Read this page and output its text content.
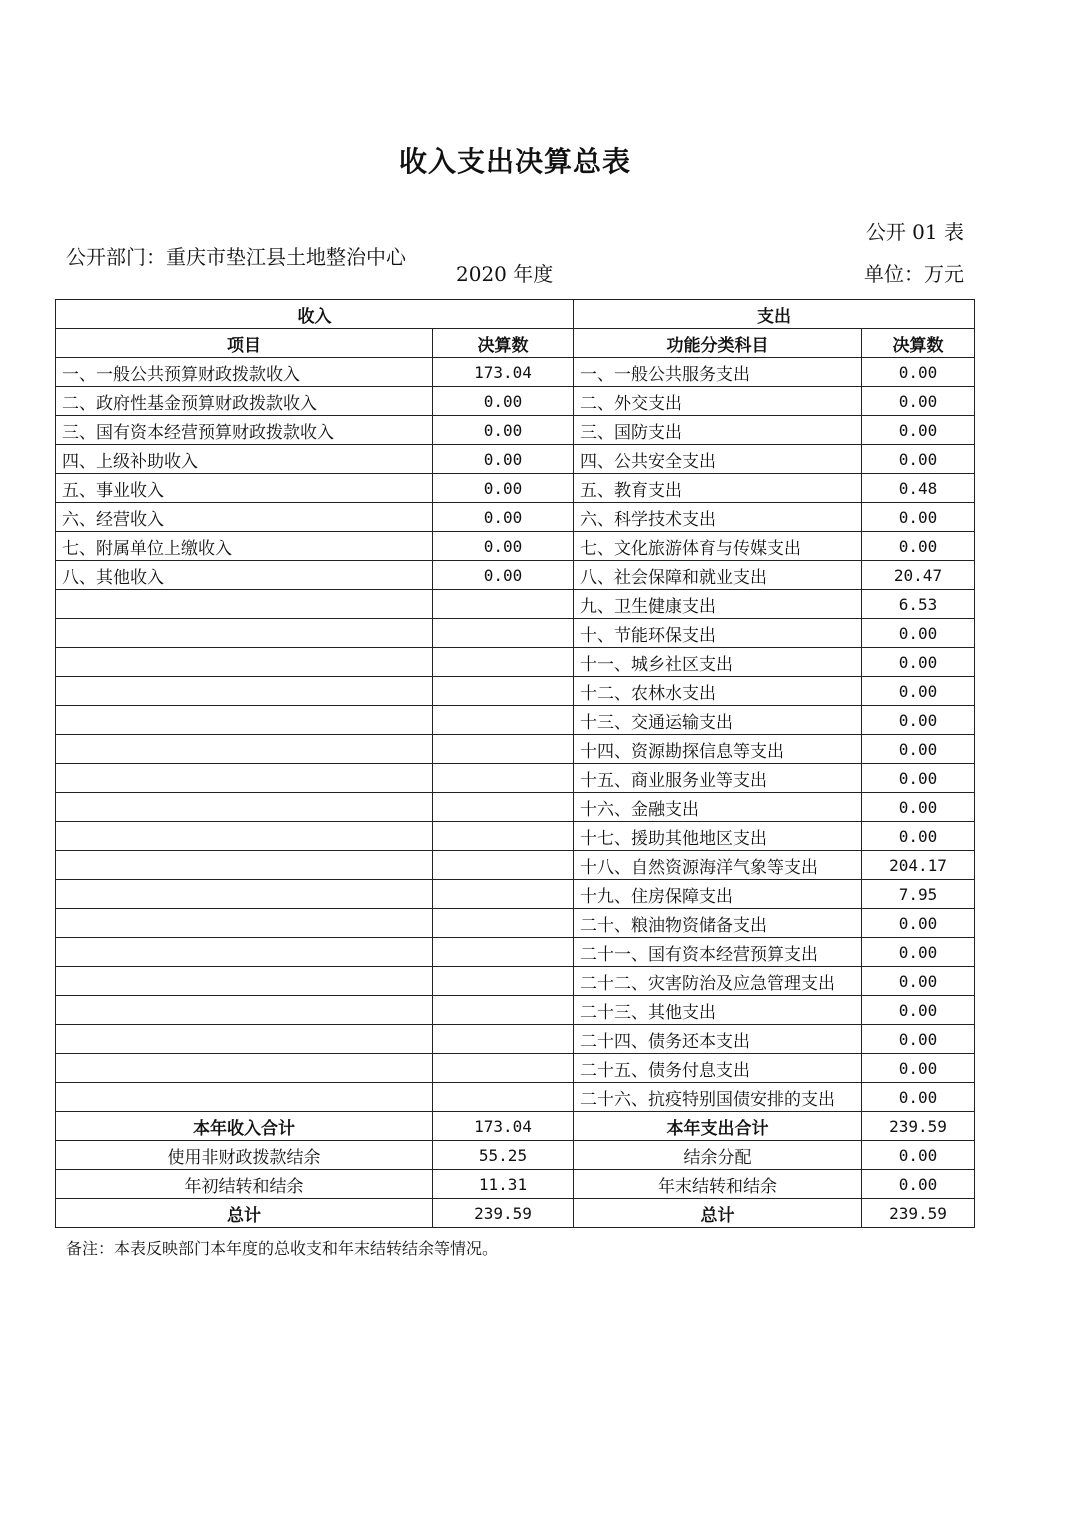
收入支出决算总表
公开 01 表
公开部门：重庆市垫江县土地整治中心
2020 年度	单位：万元
收入		支出	
项目	决算数	功能分类科目	决算数
一、一般公共预算财政拨款收入	173.04	一、一般公共服务支出	0.00
二、政府性基金预算财政拨款收入	0.00	二、外交支出	0.00
三、国有资本经营预算财政拨款收入	0.00	三、国防支出	0.00
四、上级补助收入	0.00	四、公共安全支出	0.00
五、事业收入	0.00	五、教育支出	0.48
六、经营收入	0.00	六、科学技术支出	0.00
七、附属单位上缴收入	0.00	七、文化旅游体育与传媒支出	0.00
八、其他收入	0.00	八、社会保障和就业支出	20.47
		九、卫生健康支出	6.53
		十、节能环保支出	0.00
		十一、城乡社区支出	0.00
		十二、农林水支出	0.00
		十三、交通运输支出	0.00
		十四、资源勘探信息等支出	0.00
		十五、商业服务业等支出	0.00
		十六、金融支出	0.00
		十七、援助其他地区支出	0.00
		十八、自然资源海洋气象等支出	204.17
		十九、住房保障支出	7.95
		二十、粮油物资储备支出	0.00
		二十一、国有资本经营预算支出	0.00
		二十二、灾害防治及应急管理支出	0.00
		二十三、其他支出	0.00
		二十四、债务还本支出	0.00
		二十五、债务付息支出	0.00
		二十六、抗疫特别国债安排的支出	0.00
本年收入合计	173.04	本年支出合计	239.59
使用非财政拨款结余	55.25	结余分配	0.00
年初结转和结余	11.31	年末结转和结余	0.00
总计	239.59	总计	239.59
备注：本表反映部门本年度的总收支和年末结转结余等情况。
